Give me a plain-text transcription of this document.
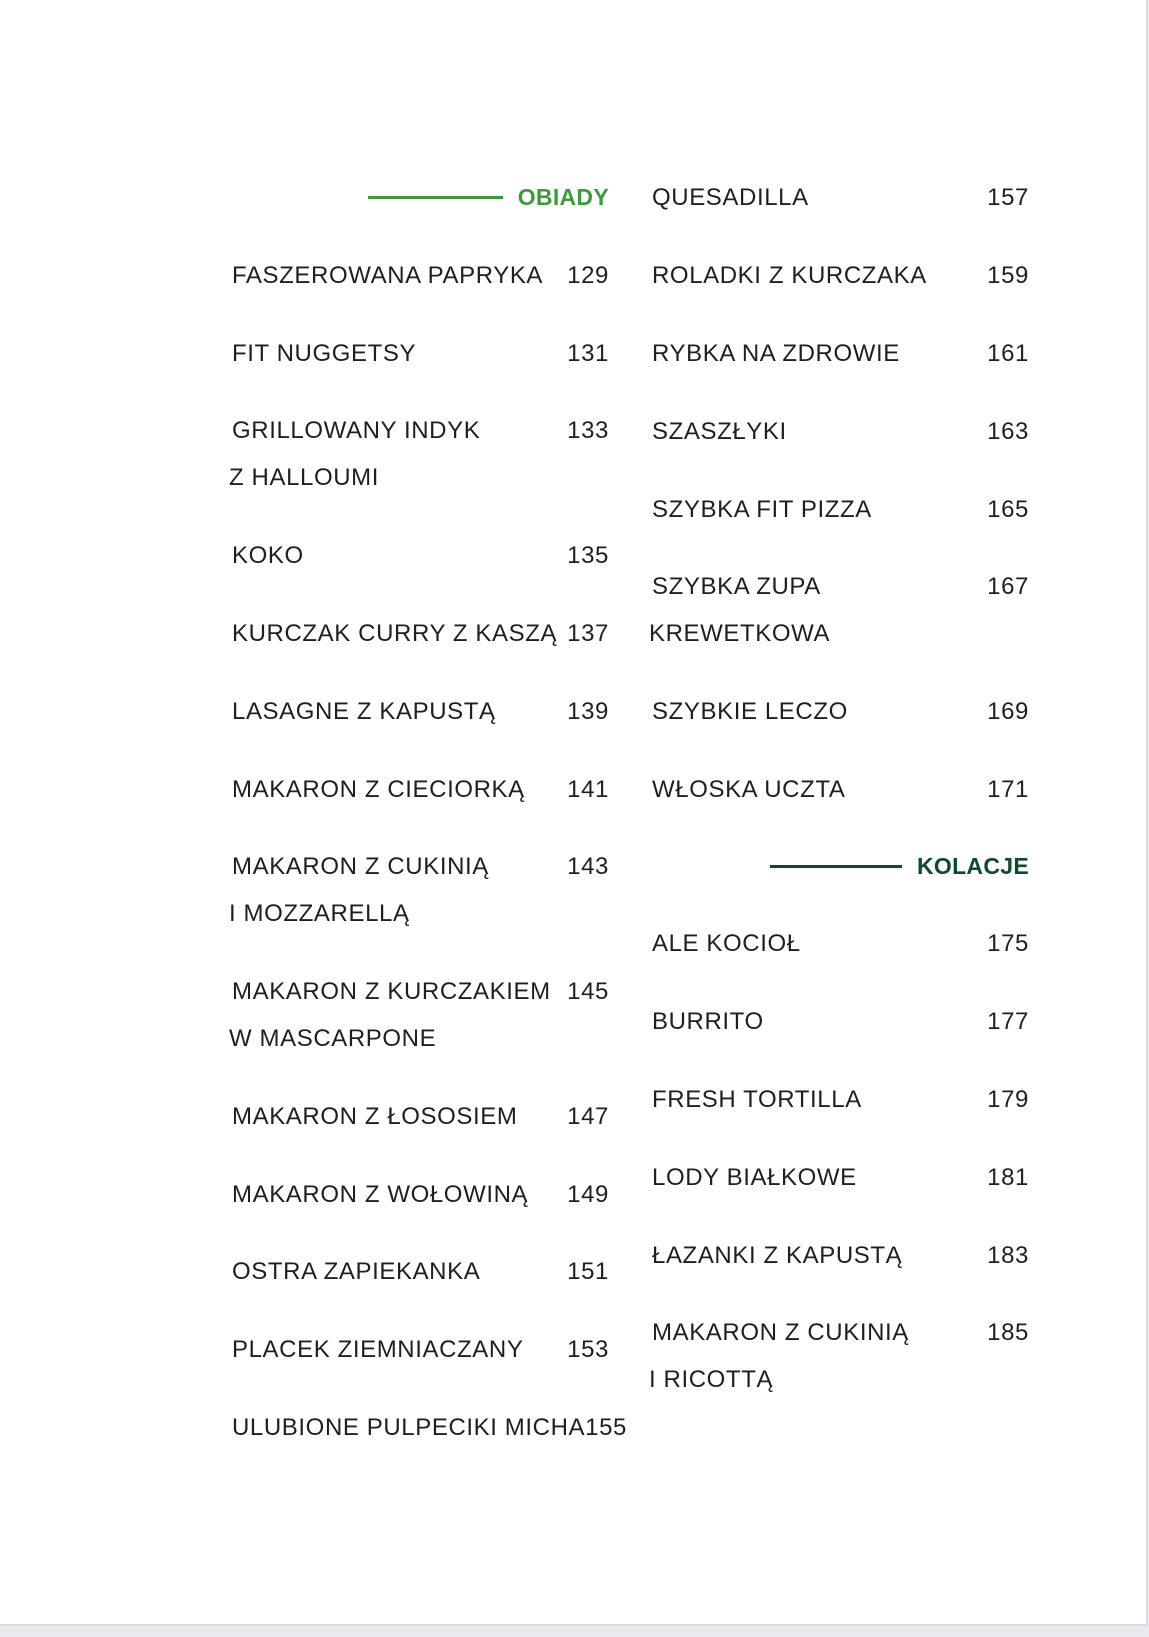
OBIADY
FASZEROWANA PAPRYKA 129
FIT NUGGETSY	131
GRILLOWANY INDYK
Z HALLOUMI
133
KOKO	135
KURCZAK CURRY Z KASZĄ 137
LASAGNE Z KAPUSTĄ	139
MAKARON Z CIECIORKĄ 141
MAKARON Z CUKINIĄ
I MOZZARELLĄ
143
MAKARON Z KURCZAKIEM
W MASCARPONE
145
MAKARON Z ŁOSOSIEM 147
MAKARON Z WOŁOWINĄ 149
OSTRA ZAPIEKANKA	151
PLACEK ZIEMNIACZANY 153
ULUBIONE PULPECIKI MICHA 155
QUESADILLA	157
ROLADKI Z KURCZAKA	159
RYBKA NA ZDROWIE	161
SZASZŁYKI	163
SZYBKA FIT PIZZA	165
SZYBKA ZUPA
KREWETKOWA
167
SZYBKIE LECZO	169
WŁOSKA UCZTA	171
KOLACJE
ALE KOCIOŁ	175
BURRITO	177
FRESH TORTILLA	179
LODY BIAŁKOWE	181
ŁAZANKI Z KAPUSTĄ	183
MAKARON Z CUKINIĄ
I RICOTTĄ
185
